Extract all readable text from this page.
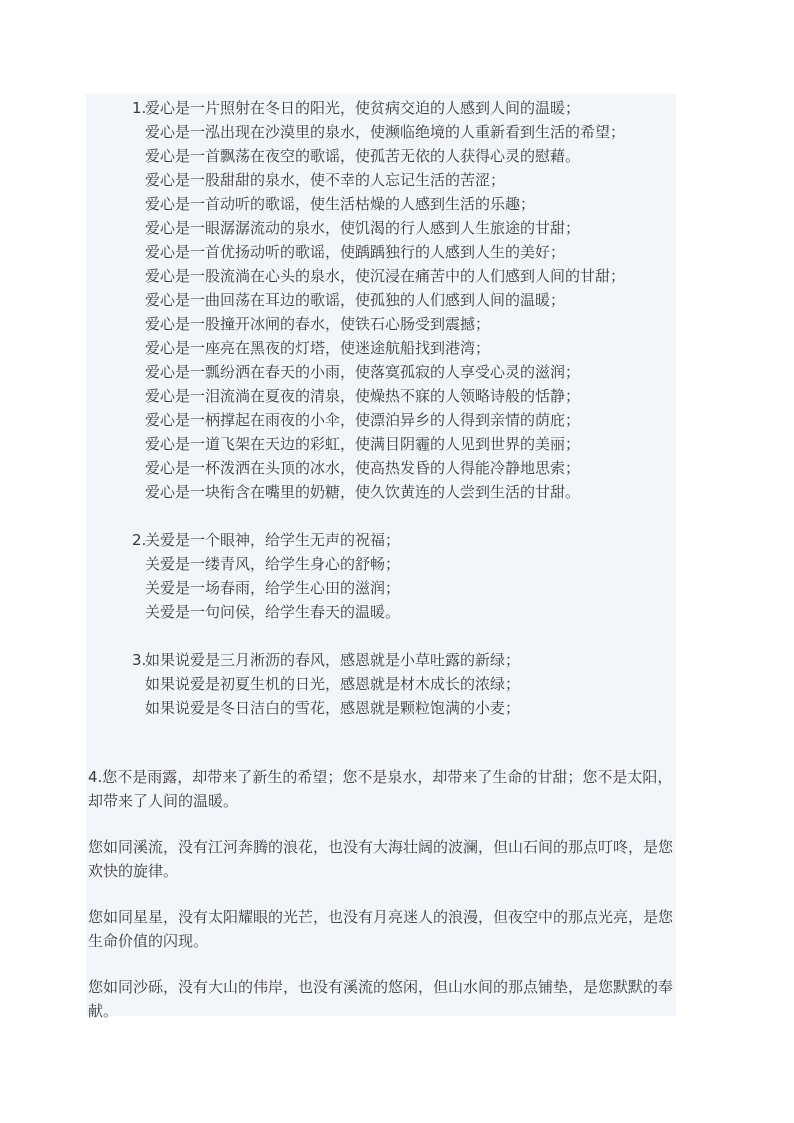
1.
爱心是一片照射在冬日的阳光，使贫病交迫的人感到人间的温暖；
爱心是一泓出现在沙漠里的泉水，使濒临绝境的人重新看到生活的希望；
爱心是一首飘荡在夜空的歌谣，使孤苦无依的人获得心灵的慰藉。
爱心是一股甜甜的泉水，使不幸的人忘记生活的苦涩；
爱心是一首动听的歌谣，使生活枯燥的人感到生活的乐趣；
爱心是一眼潺潺流动的泉水，使饥渴的行人感到人生旅途的甘甜；
爱心是一首优扬动听的歌谣，使踽踽独行的人感到人生的美好；
爱心是一股流淌在心头的泉水，使沉浸在痛苦中的人们感到人间的甘甜；
爱心是一曲回荡在耳边的歌谣，使孤独的人们感到人间的温暖；
爱心是一股撞开冰闸的春水，使铁石心肠受到震撼；
爱心是一座亮在黑夜的灯塔，使迷途航船找到港湾；
爱心是一瓢纷洒在春天的小雨，使落寞孤寂的人享受心灵的滋润；
爱心是一泪流淌在夏夜的清泉，使燥热不寐的人领略诗般的恬静；
爱心是一柄撑起在雨夜的小伞，使漂泊异乡的人得到亲情的荫庇；
爱心是一道飞架在天边的彩虹，使满目阴霾的人见到世界的美丽；
爱心是一杯泼洒在头顶的冰水，使高热发昏的人得能冷静地思索；
爱心是一块衔含在嘴里的奶糖，使久饮黄连的人尝到生活的甘甜。
2.
关爱是一个眼神，给学生无声的祝福；
关爱是一缕青风，给学生身心的舒畅；
关爱是一场春雨，给学生心田的滋润；
关爱是一句问侯，给学生春天的温暖。
3.
如果说爱是三月淅沥的春风，感恩就是小草吐露的新绿；
如果说爱是初夏生机的日光，感恩就是材木成长的浓绿；
如果说爱是冬日洁白的雪花，感恩就是颗粒饱满的小麦；

4.您不是雨露，却带来了新生的希望；您不是泉水，却带来了生命的甘甜；您不是太阳，却带来了人间的温暖。

您如同溪流，没有江河奔腾的浪花，也没有大海壮阔的波澜，但山石间的那点叮咚，是您欢快的旋律。

您如同星星，没有太阳耀眼的光芒，也没有月亮迷人的浪漫，但夜空中的那点光亮，是您生命价值的闪现。

您如同沙砾，没有大山的伟岸，也没有溪流的悠闲，但山水间的那点铺垫，是您默默的奉献。
